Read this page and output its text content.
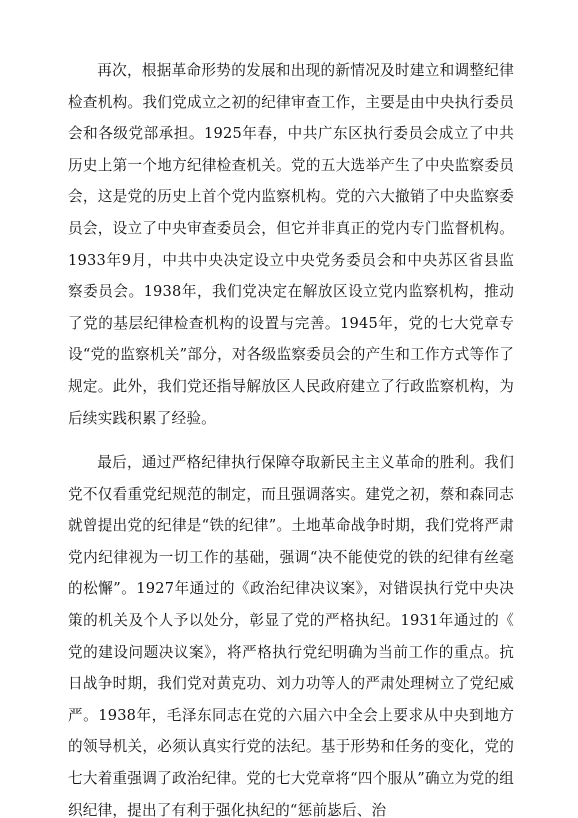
再次，根据革命形势的发展和出现的新情况及时建立和调整纪律检查机构。我们党成立之初的纪律审查工作，主要是由中央执行委员会和各级党部承担。1925年春，中共广东区执行委员会成立了中共历史上第一个地方纪律检查机关。党的五大选举产生了中央监察委员会，这是党的历史上首个党内监察机构。党的六大撤销了中央监察委员会，设立了中央审查委员会，但它并非真正的党内专门监督机构。1933年9月，中共中央决定设立中央党务委员会和中央苏区省县监察委员会。1938年，我们党决定在解放区设立党内监察机构，推动了党的基层纪律检查机构的设置与完善。1945年，党的七大党章专设“党的监察机关”部分，对各级监察委员会的产生和工作方式等作了规定。此外，我们党还指导解放区人民政府建立了行政监察机构，为后续实践积累了经验。

最后，通过严格纪律执行保障夺取新民主主义革命的胜利。我们党不仅看重党纪规范的制定，而且强调落实。建党之初，蔡和森同志就曾提出党的纪律是“铁的纪律”。土地革命战争时期，我们党将严肃党内纪律视为一切工作的基础，强调“决不能使党的铁的纪律有丝毫的松懈”。1927年通过的《政治纪律决议案》，对错误执行党中央决策的机关及个人予以处分，彰显了党的严格执纪。1931年通过的《党的建设问题决议案》，将严格执行党纪明确为当前工作的重点。抗日战争时期，我们党对黄克功、刘力功等人的严肃处理树立了党纪威严。1938年，毛泽东同志在党的六届六中全会上要求从中央到地方的领导机关，必须认真实行党的法纪。基于形势和任务的变化，党的七大着重强调了政治纪律。党的七大党章将“四个服从”确立为党的组织纪律，提出了有利于强化执纪的“惩前毖后、治
